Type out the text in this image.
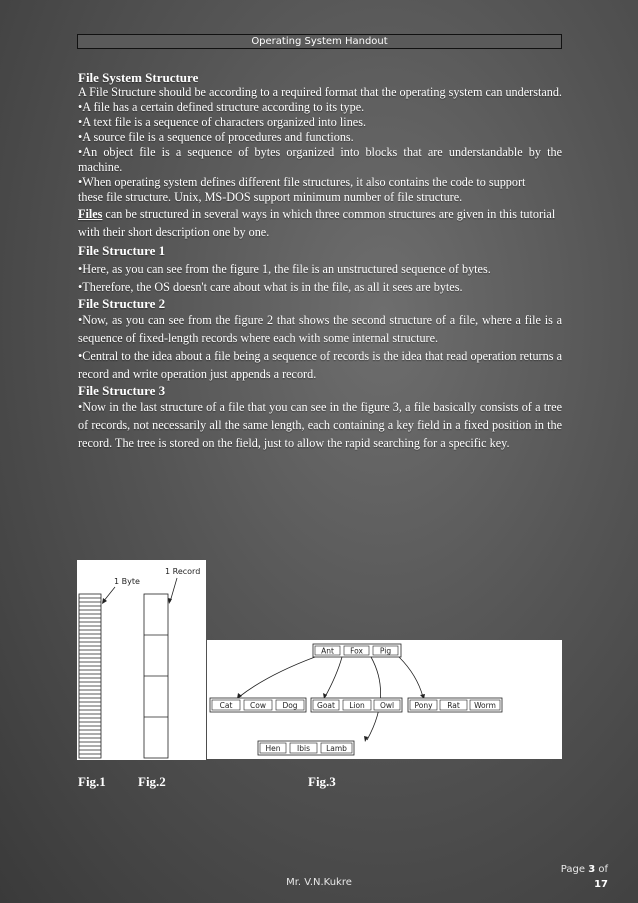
Operating System Handout

File System Structure

A File Structure should be according to a required format that the operating system can understand.

• A file has a certain defined structure according to its type.

• A text file is a sequence of characters organized into lines.

• A source file is a sequence of procedures and functions.

• An object file is a sequence of bytes organized into blocks that are understandable by the machine.

• When operating system defines different file structures, it also contains the code to support these file structure. Unix, MS-DOS support minimum number of file structure.

Files can be structured in several ways in which three common structures are given in this tutorial with their short description one by one.

File Structure 1

• Here, as you can see from the figure 1, the file is an unstructured sequence of bytes.

• Therefore, the OS doesn't care about what is in the file, as all it sees are bytes.

File Structure 2

• Now, as you can see from the figure 2 that shows the second structure of a file, where a file is a sequence of fixed-length records where each with some internal structure.

• Central to the idea about a file being a sequence of records is the idea that read operation returns a record and write operation just appends a record.

File Structure 3

• Now in the last structure of a file that you can see in the figure 3, a file basically consists of a tree of records, not necessarily all the same length, each containing a key field in a fixed position in the record. The tree is stored on the field, just to allow the rapid searching for a specific key.

1 Byte
1 Record
Ant Fox Pig
Cat Cow Dog	Goat Lion Owl	Pony Rat Worm
Hen Ibis Lamb
Fig.1 Fig.2	Fig.3
Page 3 of
17
Mr. V.N.Kukre
